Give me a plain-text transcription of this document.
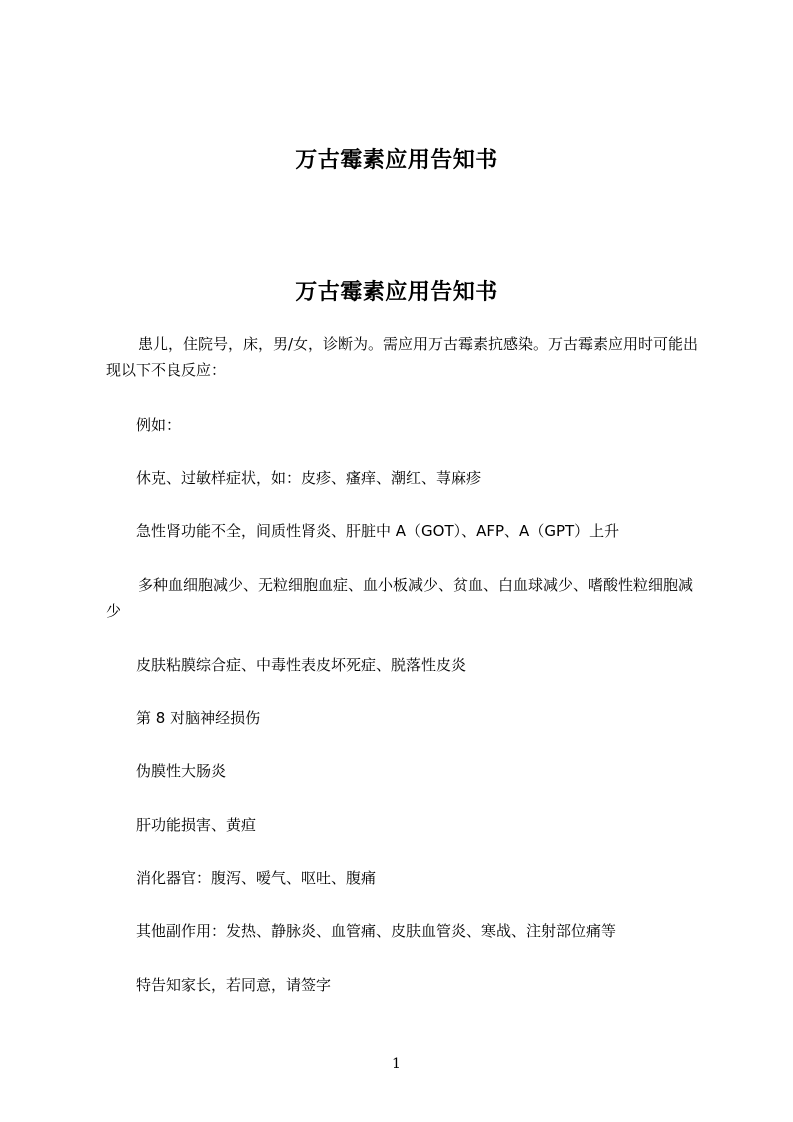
万古霉素应用告知书
万古霉素应用告知书

患儿，住院号，床，男/女，诊断为。需应用万古霉素抗感染。万古霉素应用时可能出现以下不良反应：

例如：

休克、过敏样症状，如：皮疹、瘙痒、潮红、荨麻疹

急性肾功能不全，间质性肾炎、肝脏中 A（GOT）、AFP、A（GPT）上升

多种血细胞减少、无粒细胞血症、血小板减少、贫血、白血球减少、嗜酸性粒细胞减少

皮肤粘膜综合症、中毒性表皮坏死症、脱落性皮炎

第 8 对脑神经损伤

伪膜性大肠炎

肝功能损害、黄疸

消化器官：腹泻、嗳气、呕吐、腹痛

其他副作用：发热、静脉炎、血管痛、皮肤血管炎、寒战、注射部位痛等

特告知家长，若同意，请签字

1
